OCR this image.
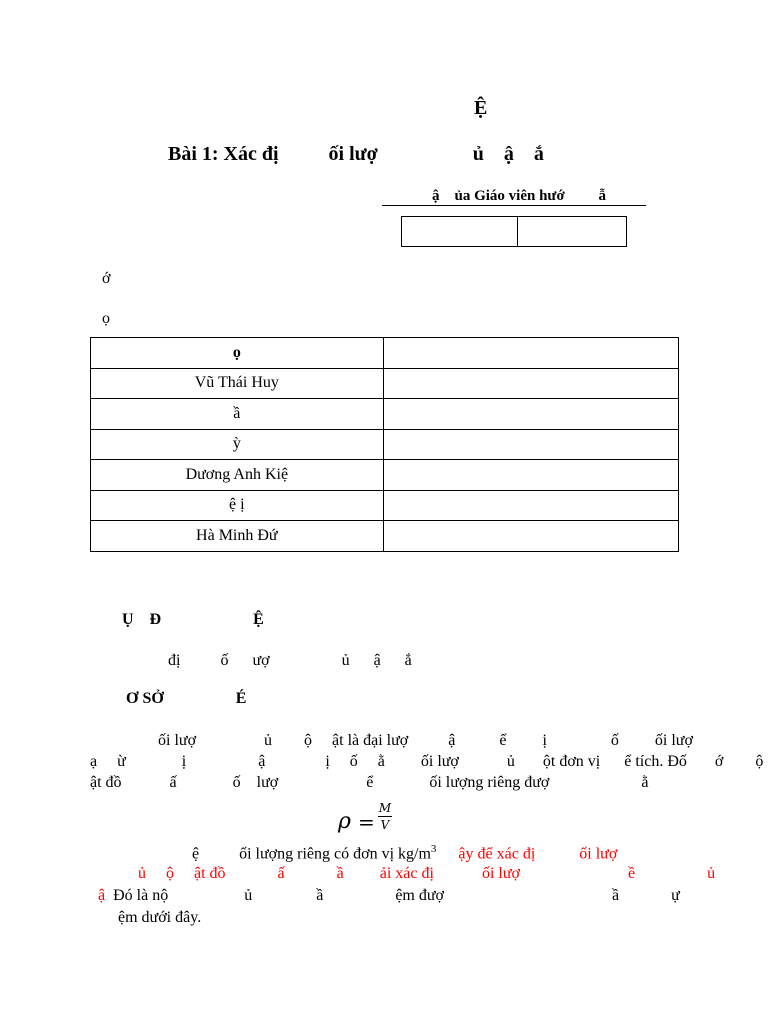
Ệ
Bài 1: Xác đị          ối lượ                   ủ    ậ    ắ
ậ    ủa Giáo viên hướ         ẫ
ớ
ọ
ọ	
Vũ Thái Huy	
ầ	
ỳ	
Dương Anh Kiệ	
ệ ị	
Hà Minh Đứ	
Ụ    Đ                       Ệ
đị          ố      ượ                  ủ      ậ      ắ
Ơ SỞ                  É
ối lượ                 ủ        ộ     ật là đại lượ          ậ           ể         ị                ố         ối lượ
ạ     ừ              ị                  ậ               ị     ố     ằ         ối lượ            ủ       ột đơn vị      ể tích. Đố       ớ        ộ
ật đồ            ấ              ố    lượ                      ể              ối lượng riêng đượ                       ằ
ρ =
M
V
ệ          ối lượng riêng có đơn vị $kg/m^3$ ậy để xác đị           ối lượ
ủ     ộ     ật đồ             ấ             ầ         ải xác đị            ối lượ                           ề                  ủ
ậ Đó là nộ                   ủ                ầ                  ệm đượ                                          ầ             ự
ệm dưới đây.
